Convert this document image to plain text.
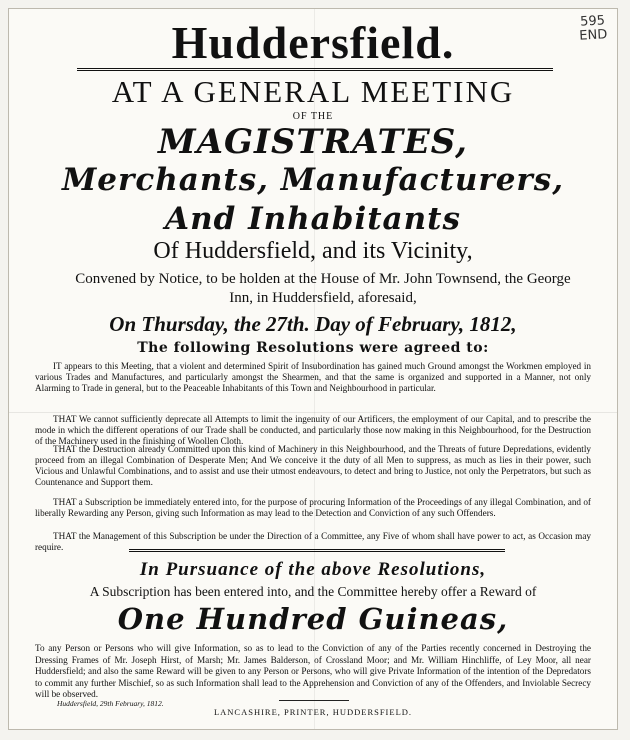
595
END
Huddersfield.
AT A GENERAL MEETING
OF THE
MAGISTRATES,
Merchants, Manufacturers,
And Inhabitants
Of Huddersfield, and its Vicinity,
Convened by Notice, to be holden at the House of Mr. John Townsend, the George Inn, in Huddersfield, aforesaid,
On Thursday, the 27th. Day of February, 1812,
The following Resolutions were agreed to:

IT appears to this Meeting, that a violent and determined Spirit of Insubordination has gained much Ground amongst the Workmen employed in various Trades and Manufactures, and particularly amongst the Shearmen, and that the same is organized and supported in a Manner, not only Alarming to Trade in general, but to the Peaceable Inhabitants of this Town and Neighbourhood in particular.

THAT We cannot sufficiently deprecate all Attempts to limit the ingenuity of our Artificers, the employment of our Capital, and to prescribe the mode in which the different operations of our Trade shall be conducted, and particularly those now making in this Neighbourhood, for the Destruction of the Machinery used in the finishing of Woollen Cloth.

THAT the Destruction already Committed upon this kind of Machinery in this Neighbourhood, and the Threats of future Depredations, evidently proceed from an illegal Combination of Desperate Men; And We conceive it the duty of all Men to suppress, as much as lies in their power, such Vicious and Unlawful Combinations, and to assist and use their utmost endeavours, to detect and bring to Justice, not only the Perpetrators, but such as Countenance and Support them.

THAT a Subscription be immediately entered into, for the purpose of procuring Information of the Proceedings of any illegal Combination, and of liberally Rewarding any Person, giving such Information as may lead to the Detection and Conviction of any such Offenders.

THAT the Management of this Subscription be under the Direction of a Committee, any Five of whom shall have power to act, as Occasion may require.

In Pursuance of the above Resolutions,
A Subscription has been entered into, and the Committee hereby offer a Reward of
One Hundred Guineas,

To any Person or Persons who will give Information, so as to lead to the Conviction of any of the Parties recently concerned in Destroying the Dressing Frames of Mr. Joseph Hirst, of Marsh; Mr. James Balderson, of Crossland Moor; and Mr. William Hinchliffe, of Ley Moor, all near Huddersfield; and also the same Reward will be given to any Person or Persons, who will give Private Information of the intention of the Depredators to commit any further Mischief, so as such Information shall lead to the Apprehension and Conviction of any of the Offenders, and Inviolable Secrecy will be observed.

Huddersfield, 29th February, 1812.
LANCASHIRE, PRINTER, HUDDERSFIELD.
